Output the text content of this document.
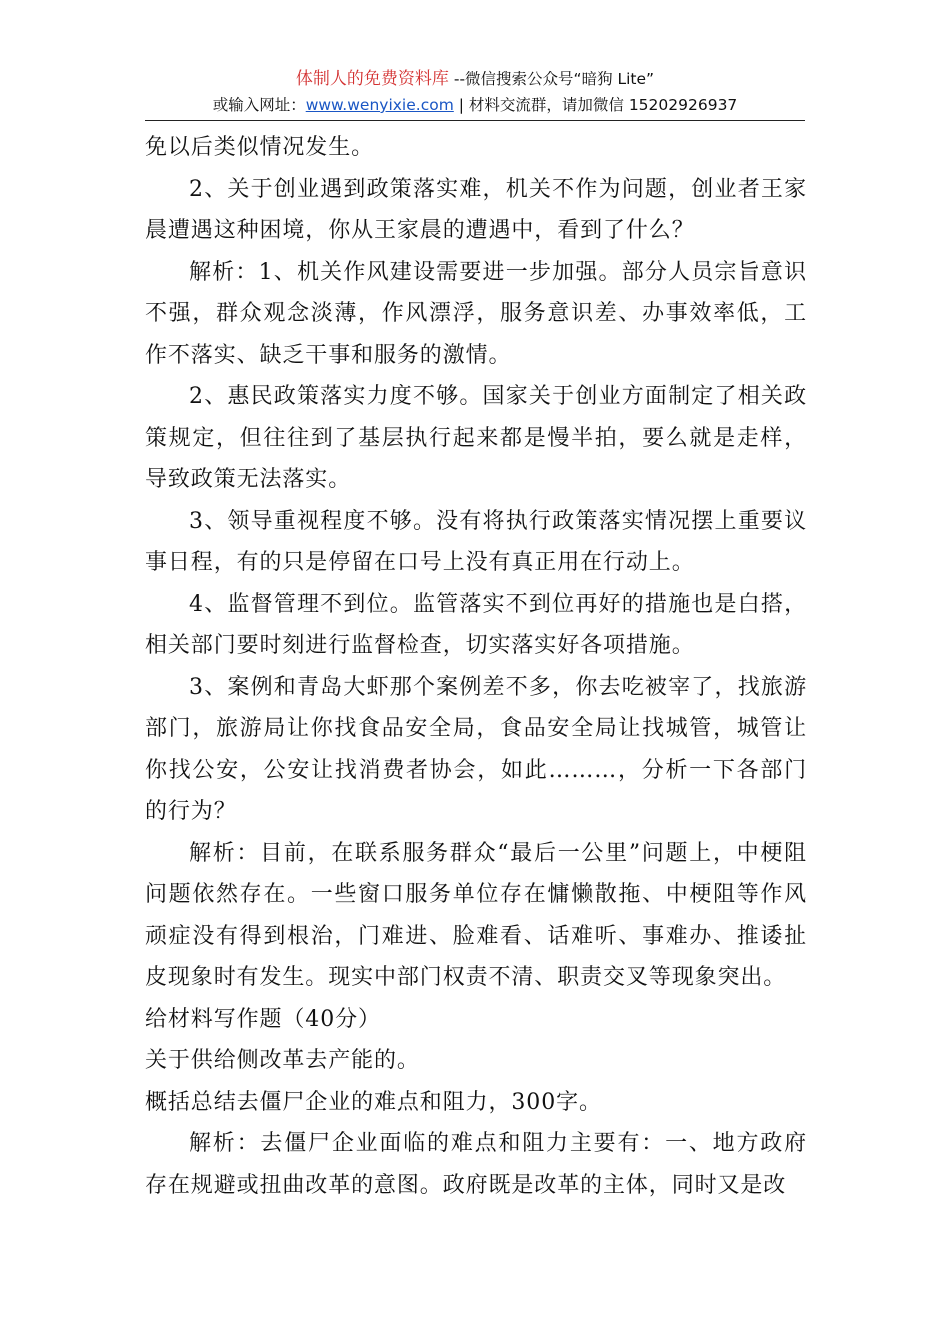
体制人的免费资料库 --微信搜索公众号“暗狗 Lite”
或输入网址：www.wenyixie.com | 材料交流群，请加微信 15202926937

免以后类似情况发生。

2、关于创业遇到政策落实难，机关不作为问题，创业者王家晨遭遇这种困境，你从王家晨的遭遇中，看到了什么？

解析：1、机关作风建设需要进一步加强。部分人员宗旨意识不强，群众观念淡薄，作风漂浮，服务意识差、办事效率低，工作不落实、缺乏干事和服务的激情。

2、惠民政策落实力度不够。国家关于创业方面制定了相关政策规定，但往往到了基层执行起来都是慢半拍，要么就是走样，导致政策无法落实。

3、领导重视程度不够。没有将执行政策落实情况摆上重要议事日程，有的只是停留在口号上没有真正用在行动上。

4、监督管理不到位。监管落实不到位再好的措施也是白搭，相关部门要时刻进行监督检查，切实落实好各项措施。

3、案例和青岛大虾那个案例差不多，你去吃被宰了，找旅游部门，旅游局让你找食品安全局，食品安全局让找城管，城管让你找公安，公安让找消费者协会，如此………，分析一下各部门的行为？

解析：目前，在联系服务群众“最后一公里”问题上，中梗阻问题依然存在。一些窗口服务单位存在慵懒散拖、中梗阻等作风顽症没有得到根治，门难进、脸难看、话难听、事难办、推诿扯皮现象时有发生。现实中部门权责不清、职责交叉等现象突出。

给材料写作题（40分）

关于供给侧改革去产能的。

概括总结去僵尸企业的难点和阻力，300字。

解析：去僵尸企业面临的难点和阻力主要有：一、地方政府存在规避或扭曲改革的意图。政府既是改革的主体，同时又是改
